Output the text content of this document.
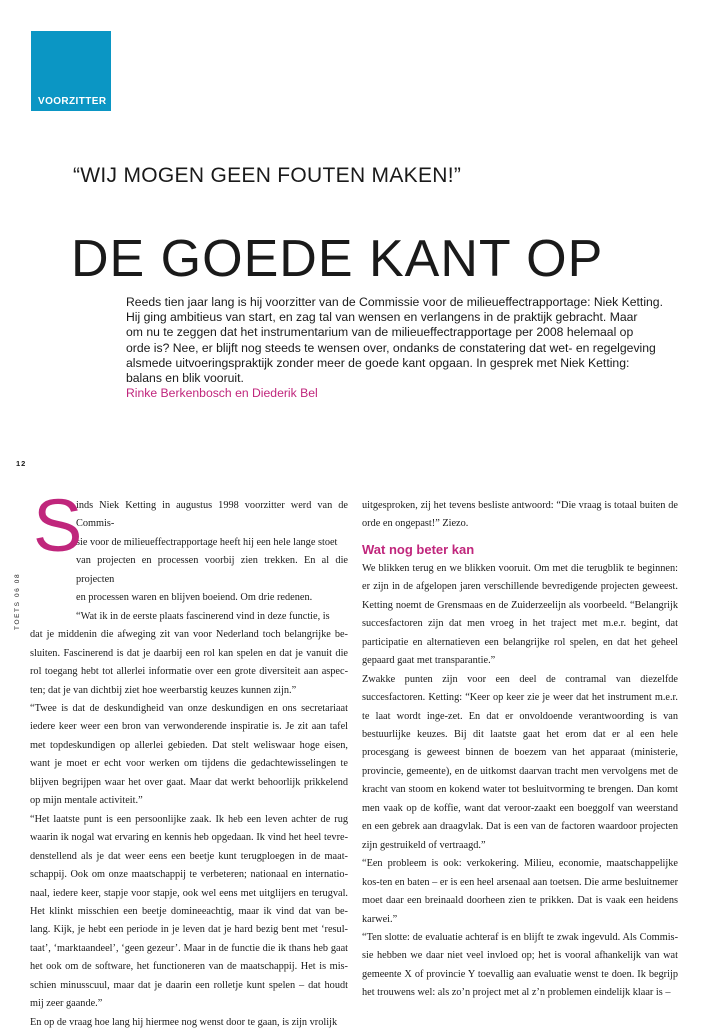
VOORZITTER
“WIJ MOGEN GEEN FOUTEN MAKEN!”
DE GOEDE KANT OP

Reeds tien jaar lang is hij voorzitter van de Commissie voor de milieueffectrapportage: Niek Ketting.

Hij ging ambitieus van start, en zag tal van wensen en verlangens in de praktijk gebracht. Maar

om nu te zeggen dat het instrumentarium van de milieueffectrapportage per 2008 helemaal op

orde is? Nee, er blijft nog steeds te wensen over, ondanks de constatering dat wet- en regelgeving

alsmede uitvoeringspraktijk zonder meer de goede kant opgaan. In gesprek met Niek Ketting:

balans en blik vooruit.

Rinke Berkenbosch en Diederik Bel

12
TOETS 06 08
S

inds Niek Ketting in augustus 1998 voorzitter werd van de Commis-

sie voor de milieueffectrapportage heeft hij een hele lange stoet

van projecten en processen voorbij zien trekken. En al die projecten

en processen waren en blijven boeiend. Om drie redenen.

“Wat ik in de eerste plaats fascinerend vind in deze functie, is

dat je middenin die afweging zit van voor Nederland toch belangrijke be-sluiten. Fascinerend is dat je daarbij een rol kan spelen en dat je vanuit die rol toegang hebt tot allerlei informatie over een grote diversiteit aan aspec-ten; dat je van dichtbij ziet hoe weerbarstig keuzes kunnen zijn.”

“Twee is dat de deskundigheid van onze deskundigen en ons secretariaat iedere keer weer een bron van verwonderende inspiratie is. Je zit aan tafel met topdeskundigen op allerlei gebieden. Dat stelt weliswaar hoge eisen, want je moet er echt voor werken om tijdens die gedachtewisselingen te blijven begrijpen waar het over gaat. Maar dat werkt behoorlijk prikkelend op mijn mentale activiteit.”

“Het laatste punt is een persoonlijke zaak. Ik heb een leven achter de rug waarin ik nogal wat ervaring en kennis heb opgedaan. Ik vind het heel tevre-denstellend als je dat weer eens een beetje kunt terugploegen in de maat-schappij. Ook om onze maatschappij te verbeteren; nationaal en internatio-naal, iedere keer, stapje voor stapje, ook wel eens met uitglijers en terugval. Het klinkt misschien een beetje domineeachtig, maar ik vind dat van be-lang. Kijk, je hebt een periode in je leven dat je hard bezig bent met ‘resul-taat’, ‘marktaandeel’, ‘geen gezeur’. Maar in de functie die ik thans heb gaat het ook om de software, het functioneren van de maatschappij. Het is mis-schien minusscuul, maar dat je daarin een rolletje kunt spelen – dat houdt mij zeer gaande.”

En op de vraag hoe lang hij hiermee nog wenst door te gaan, is zijn vrolijk

uitgesproken, zij het tevens besliste antwoord: “Die vraag is totaal buiten de orde en ongepast!” Ziezo.

Wat nog beter kan

We blikken terug en we blikken vooruit. Om met die terugblik te beginnen: er zijn in de afgelopen jaren verschillende bevredigende projecten geweest. Ketting noemt de Grensmaas en de Zuiderzeelijn als voorbeeld. “Belangrijk succesfactoren zijn dat men vroeg in het traject met m.e.r. begint, dat participatie en alternatieven een belangrijke rol spelen, en dat het geheel gepaard gaat met transparantie.”

Zwakke punten zijn voor een deel de contramal van diezelfde succesfactoren. Ketting: “Keer op keer zie je weer dat het instrument m.e.r. te laat wordt inge-zet. En dat er onvoldoende verantwoording is van bestuurlijke keuzes. Bij dit laatste gaat het erom dat er al een hele procesgang is geweest binnen de boezem van het apparaat (ministerie, provincie, gemeente), en de uitkomst daarvan tracht men vervolgens met de kracht van stoom en kokend water tot besluitvorming te brengen. Dan komt men vaak op de koffie, want dat veroor-zaakt een boeggolf van weerstand en een gebrek aan draagvlak. Dat is een van de factoren waardoor projecten zijn gestruikeld of vertraagd.”

“Een probleem is ook: verkokering. Milieu, economie, maatschappelijke kos-ten en baten – er is een heel arsenaal aan toetsen. Die arme besluitnemer moet daar een breinaald doorheen zien te prikken. Dat is vaak een heidens karwei.”

“Ten slotte: de evaluatie achteraf is en blijft te zwak ingevuld. Als Commis-sie hebben we daar niet veel invloed op; het is vooral afhankelijk van wat gemeente X of provincie Y toevallig aan evaluatie wenst te doen. Ik begrijp het trouwens wel: als zo’n project met al z’n problemen eindelijk klaar is –
